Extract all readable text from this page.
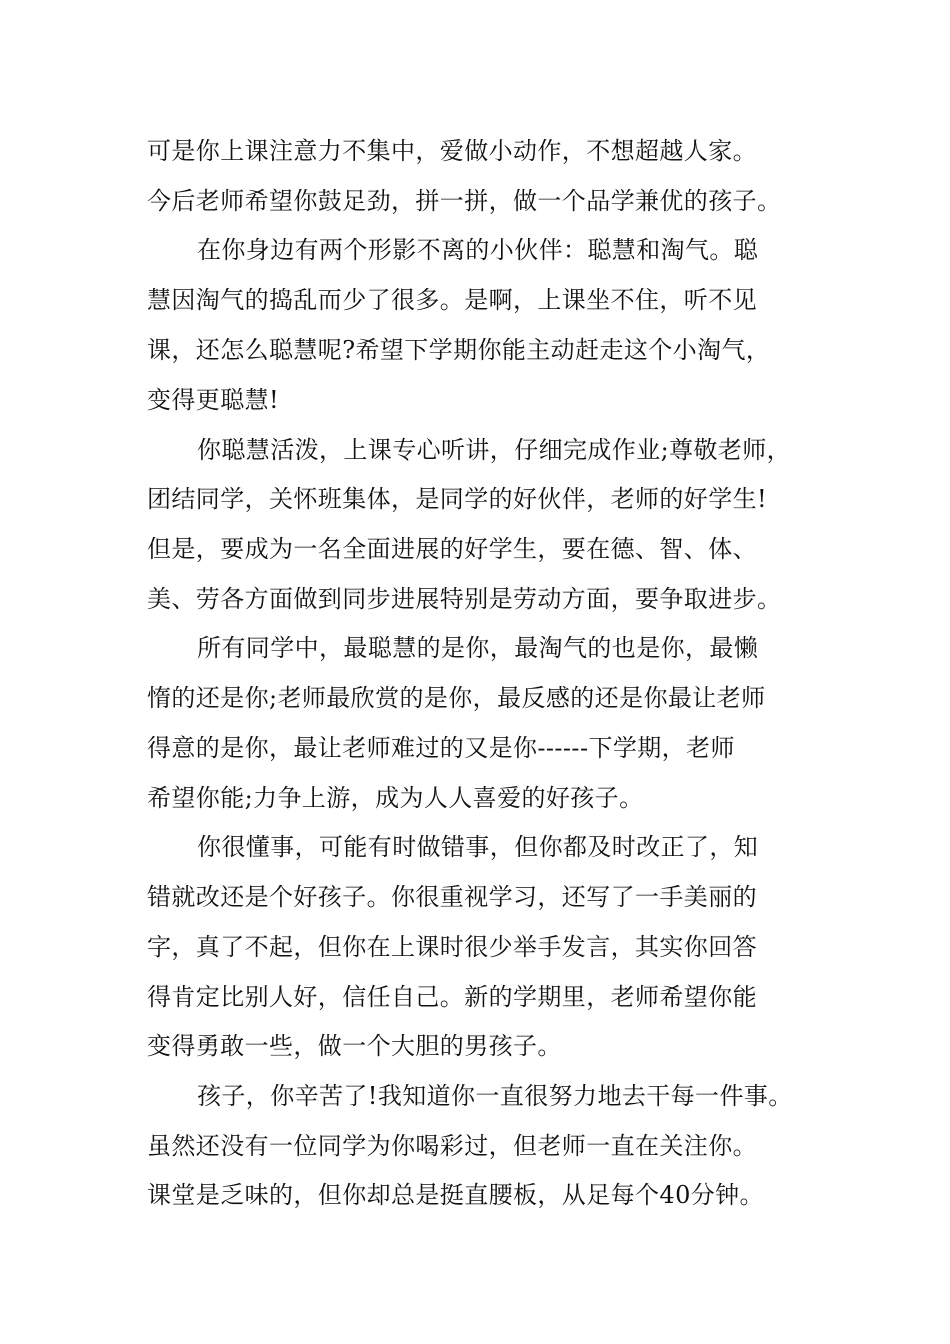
可是你上课注意力不集中，爱做小动作，不想超越人家。
今后老师希望你鼓足劲，拼一拼，做一个品学兼优的孩子。
在你身边有两个形影不离的小伙伴：聪慧和淘气。聪
慧因淘气的捣乱而少了很多。是啊，上课坐不住，听不见
课，还怎么聪慧呢?希望下学期你能主动赶走这个小淘气，
变得更聪慧!
你聪慧活泼，上课专心听讲，仔细完成作业;尊敬老师，
团结同学，关怀班集体，是同学的好伙伴，老师的好学生!
但是，要成为一名全面进展的好学生，要在德、智、体、
美、劳各方面做到同步进展特别是劳动方面，要争取进步。
所有同学中，最聪慧的是你，最淘气的也是你，最懒
惰的还是你;老师最欣赏的是你，最反感的还是你最让老师
得意的是你，最让老师难过的又是你------下学期，老师
希望你能;力争上游，成为人人喜爱的好孩子。
你很懂事，可能有时做错事，但你都及时改正了，知
错就改还是个好孩子。你很重视学习，还写了一手美丽的
字，真了不起，但你在上课时很少举手发言，其实你回答
得肯定比别人好，信任自己。新的学期里，老师希望你能
变得勇敢一些，做一个大胆的男孩子。
孩子，你辛苦了!我知道你一直很努力地去干每一件事。
虽然还没有一位同学为你喝彩过，但老师一直在关注你。
课堂是乏味的，但你却总是挺直腰板，从足每个40分钟。
